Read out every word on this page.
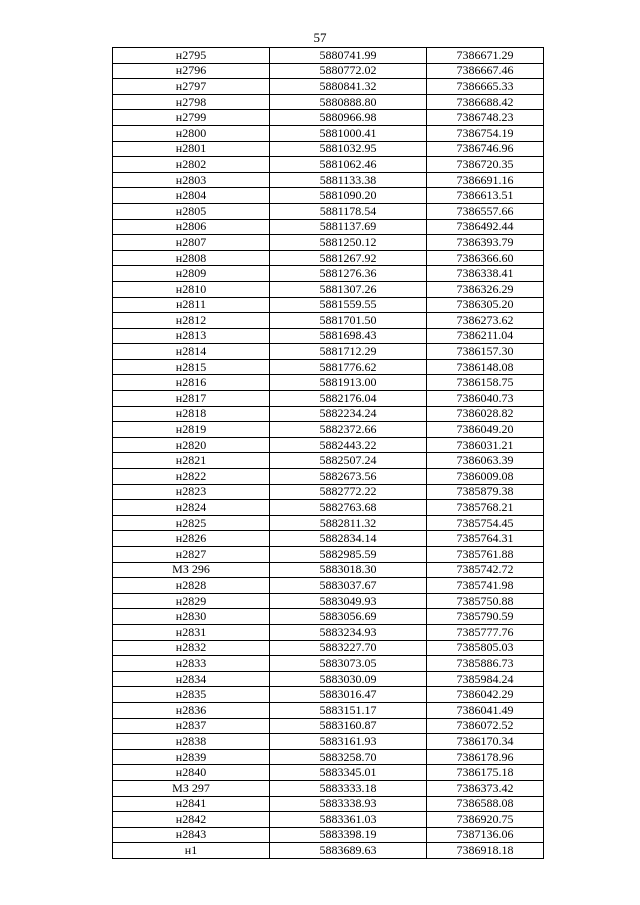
57
н2795	5880741.99	7386671.29
н2796	5880772.02	7386667.46
н2797	5880841.32	7386665.33
н2798	5880888.80	7386688.42
н2799	5880966.98	7386748.23
н2800	5881000.41	7386754.19
н2801	5881032.95	7386746.96
н2802	5881062.46	7386720.35
н2803	5881133.38	7386691.16
н2804	5881090.20	7386613.51
н2805	5881178.54	7386557.66
н2806	5881137.69	7386492.44
н2807	5881250.12	7386393.79
н2808	5881267.92	7386366.60
н2809	5881276.36	7386338.41
н2810	5881307.26	7386326.29
н2811	5881559.55	7386305.20
н2812	5881701.50	7386273.62
н2813	5881698.43	7386211.04
н2814	5881712.29	7386157.30
н2815	5881776.62	7386148.08
н2816	5881913.00	7386158.75
н2817	5882176.04	7386040.73
н2818	5882234.24	7386028.82
н2819	5882372.66	7386049.20
н2820	5882443.22	7386031.21
н2821	5882507.24	7386063.39
н2822	5882673.56	7386009.08
н2823	5882772.22	7385879.38
н2824	5882763.68	7385768.21
н2825	5882811.32	7385754.45
н2826	5882834.14	7385764.31
н2827	5882985.59	7385761.88
МЗ 296	5883018.30	7385742.72
н2828	5883037.67	7385741.98
н2829	5883049.93	7385750.88
н2830	5883056.69	7385790.59
н2831	5883234.93	7385777.76
н2832	5883227.70	7385805.03
н2833	5883073.05	7385886.73
н2834	5883030.09	7385984.24
н2835	5883016.47	7386042.29
н2836	5883151.17	7386041.49
н2837	5883160.87	7386072.52
н2838	5883161.93	7386170.34
н2839	5883258.70	7386178.96
н2840	5883345.01	7386175.18
МЗ 297	5883333.18	7386373.42
н2841	5883338.93	7386588.08
н2842	5883361.03	7386920.75
н2843	5883398.19	7387136.06
н1	5883689.63	7386918.18
